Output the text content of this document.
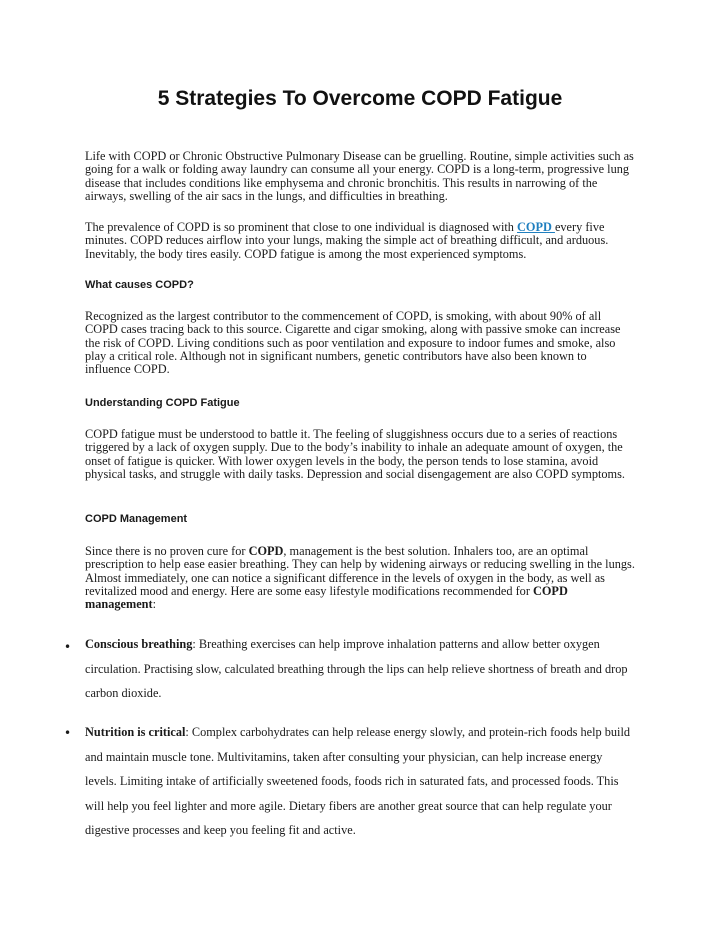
5 Strategies To Overcome COPD Fatigue

Life with COPD or Chronic Obstructive Pulmonary Disease can be gruelling. Routine, simple activities such as going for a walk or folding away laundry can consume all your energy. COPD is a long-term, progressive lung disease that includes conditions like emphysema and chronic bronchitis. This results in narrowing of the airways, swelling of the air sacs in the lungs, and difficulties in breathing.

The prevalence of COPD is so prominent that close to one individual is diagnosed with COPD every five minutes. COPD reduces airflow into your lungs, making the simple act of breathing difficult, and arduous. Inevitably, the body tires easily. COPD fatigue is among the most experienced symptoms.

What causes COPD?

Recognized as the largest contributor to the commencement of COPD, is smoking, with about 90% of all COPD cases tracing back to this source. Cigarette and cigar smoking, along with passive smoke can increase the risk of COPD. Living conditions such as poor ventilation and exposure to indoor fumes and smoke, also play a critical role. Although not in significant numbers, genetic contributors have also been known to influence COPD.

Understanding COPD Fatigue

COPD fatigue must be understood to battle it. The feeling of sluggishness occurs due to a series of reactions triggered by a lack of oxygen supply. Due to the body’s inability to inhale an adequate amount of oxygen, the onset of fatigue is quicker. With lower oxygen levels in the body, the person tends to lose stamina, avoid physical tasks, and struggle with daily tasks. Depression and social disengagement are also COPD symptoms.

COPD Management

Since there is no proven cure for COPD, management is the best solution. Inhalers too, are an optimal prescription to help ease easier breathing. They can help by widening airways or reducing swelling in the lungs. Almost immediately, one can notice a significant difference in the levels of oxygen in the body, as well as revitalized mood and energy. Here are some easy lifestyle modifications recommended for COPD management:

• Conscious breathing: Breathing exercises can help improve inhalation patterns and allow better oxygen circulation. Practising slow, calculated breathing through the lips can help relieve shortness of breath and drop carbon dioxide.

• Nutrition is critical: Complex carbohydrates can help release energy slowly, and protein-rich foods help build and maintain muscle tone. Multivitamins, taken after consulting your physician, can help increase energy levels. Limiting intake of artificially sweetened foods, foods rich in saturated fats, and processed foods. This will help you feel lighter and more agile. Dietary fibers are another great source that can help regulate your digestive processes and keep you feeling fit and active.
